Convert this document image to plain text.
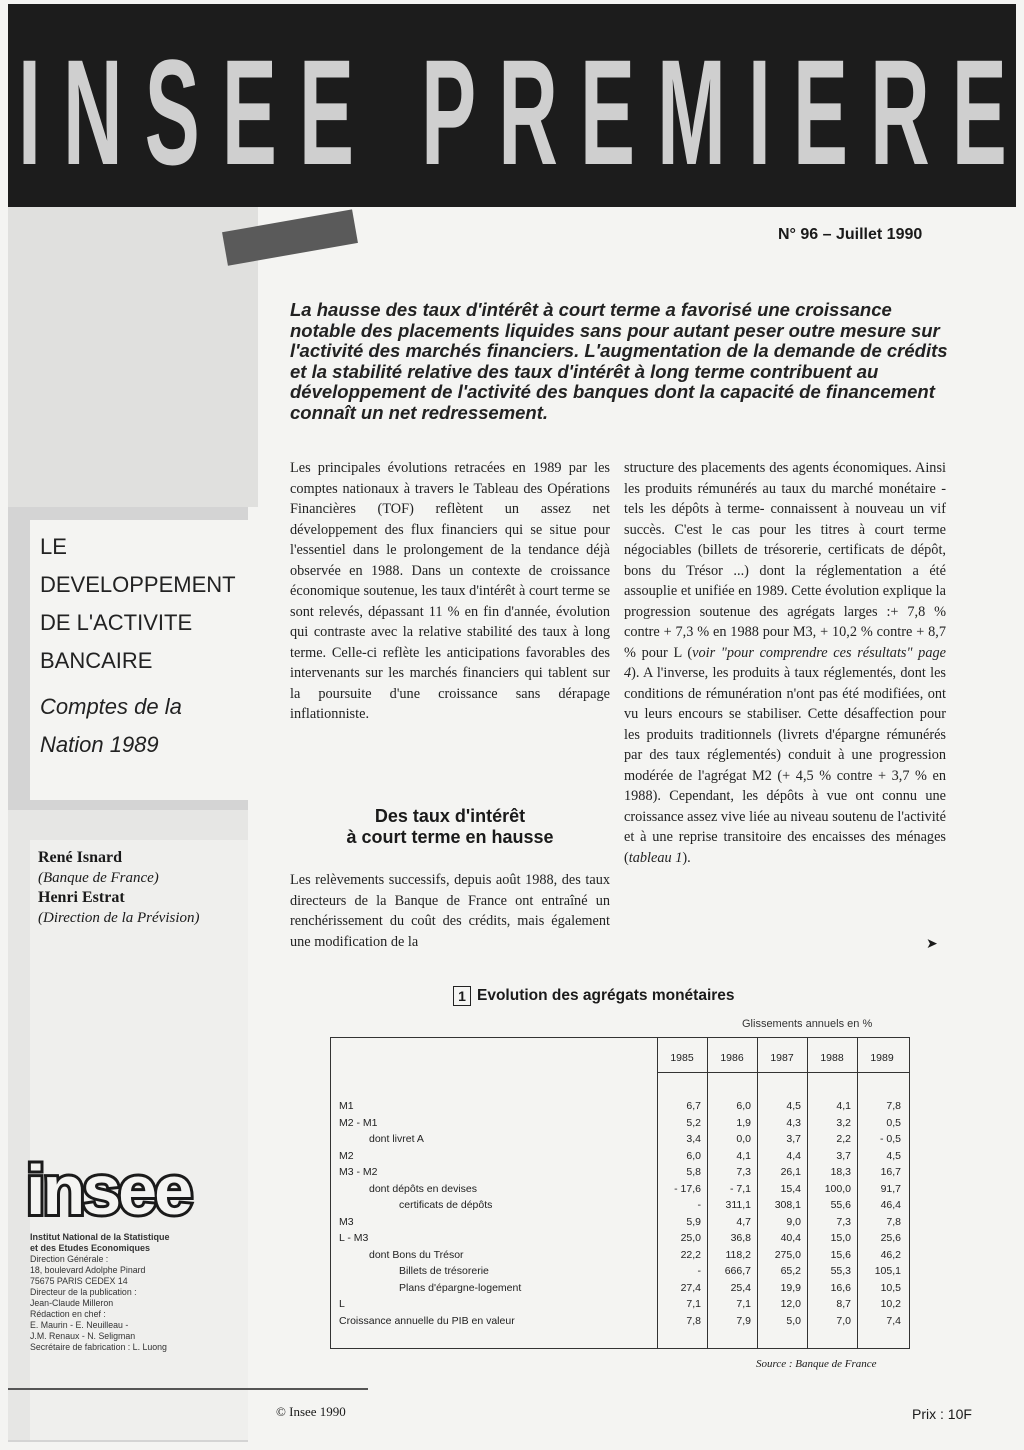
I N S E E
P R E M I E R E
N° 96 – Juillet 1990
La hausse des taux d'intérêt à court terme a favorisé une croissance notable des placements liquides sans pour autant peser outre mesure sur l'activité des marchés financiers. L'augmentation de la demande de crédits et la stabilité relative des taux d'intérêt à long terme contribuent au développement de l'activité des banques dont la capacité de financement connaît un net redressement.
LE
DEVELOPPEMENT
DE L'ACTIVITE
BANCAIRE
Comptes de la
Nation 1989
René Isnard
(Banque de France)
Henri Estrat
(Direction de la Prévision)
Les principales évolutions retracées en 1989 par les comptes nationaux à travers le Tableau des Opérations Financières (TOF) reflètent un assez net développement des flux financiers qui se situe pour l'essentiel dans le prolongement de la tendance déjà observée en 1988. Dans un contexte de croissance économique soutenue, les taux d'intérêt à court terme se sont relevés, dépassant 11 % en fin d'année, évolution qui contraste avec la relative stabilité des taux à long terme. Celle-ci reflète les anticipations favorables des intervenants sur les marchés financiers qui tablent sur la poursuite d'une croissance sans dérapage inflationniste.
Des taux d'intérêt
à court terme en hausse
Les relèvements successifs, depuis août 1988, des taux directeurs de la Banque de France ont entraîné un renchérissement du coût des crédits, mais également une modification de la
structure des placements des agents économiques. Ainsi les produits rémunérés au taux du marché monétaire -tels les dépôts à terme- connaissent à nouveau un vif succès. C'est le cas pour les titres à court terme négociables (billets de trésorerie, certificats de dépôt, bons du Trésor ...) dont la réglementation a été assouplie et unifiée en 1989. Cette évolution explique la progression soutenue des agrégats larges :+ 7,8 % contre + 7,3 % en 1988 pour M3, + 10,2 % contre + 8,7 % pour L (voir "pour comprendre ces résultats" page 4). A l'inverse, les produits à taux réglementés, dont les conditions de rémunération n'ont pas été modifiées, ont vu leurs encours se stabiliser. Cette désaffection pour les produits traditionnels (livrets d'épargne rémunérés par des taux réglementés) conduit à une progression modérée de l'agrégat M2 (+ 4,5 % contre + 3,7 % en 1988). Cependant, les dépôts à vue ont connu une croissance assez vive liée au niveau soutenu de l'activité et à une reprise transitoire des encaisses des ménages (tableau 1).
➤
1 Evolution des agrégats monétaires
Glissements annuels en %
1985	1986	1987	1988	1989
M1	6,7	6,0	4,5	4,1	7,8
M2 - M1	5,2	1,9	4,3	3,2	0,5
dont livret A	3,4	0,0	3,7	2,2	- 0,5
M2	6,0	4,1	4,4	3,7	4,5
M3 - M2	5,8	7,3	26,1	18,3	16,7
dont dépôts en devises	- 17,6	- 7,1	15,4	100,0	91,7
certificats de dépôts	-	311,1	308,1	55,6	46,4
M3	5,9	4,7	9,0	7,3	7,8
L - M3	25,0	36,8	40,4	15,0	25,6
dont Bons du Trésor	22,2	118,2	275,0	15,6	46,2
Billets de trésorerie	-	666,7	65,2	55,3	105,1
Plans d'épargne-logement	27,4	25,4	19,9	16,6	10,5
L	7,1	7,1	12,0	8,7	10,2
Croissance annuelle du PIB en valeur	7,8	7,9	5,0	7,0	7,4
Source : Banque de France
insee
Institut National de la Statistique
et des Etudes Economiques
Direction Générale :
18, boulevard Adolphe Pinard
75675 PARIS CEDEX 14
Directeur de la publication :
Jean-Claude Milleron
Rédaction en chef :
E. Maurin - E. Neuilleau -
J.M. Renaux - N. Seligman
Secrétaire de fabrication : L. Luong
© Insee 1990	Prix : 10F
